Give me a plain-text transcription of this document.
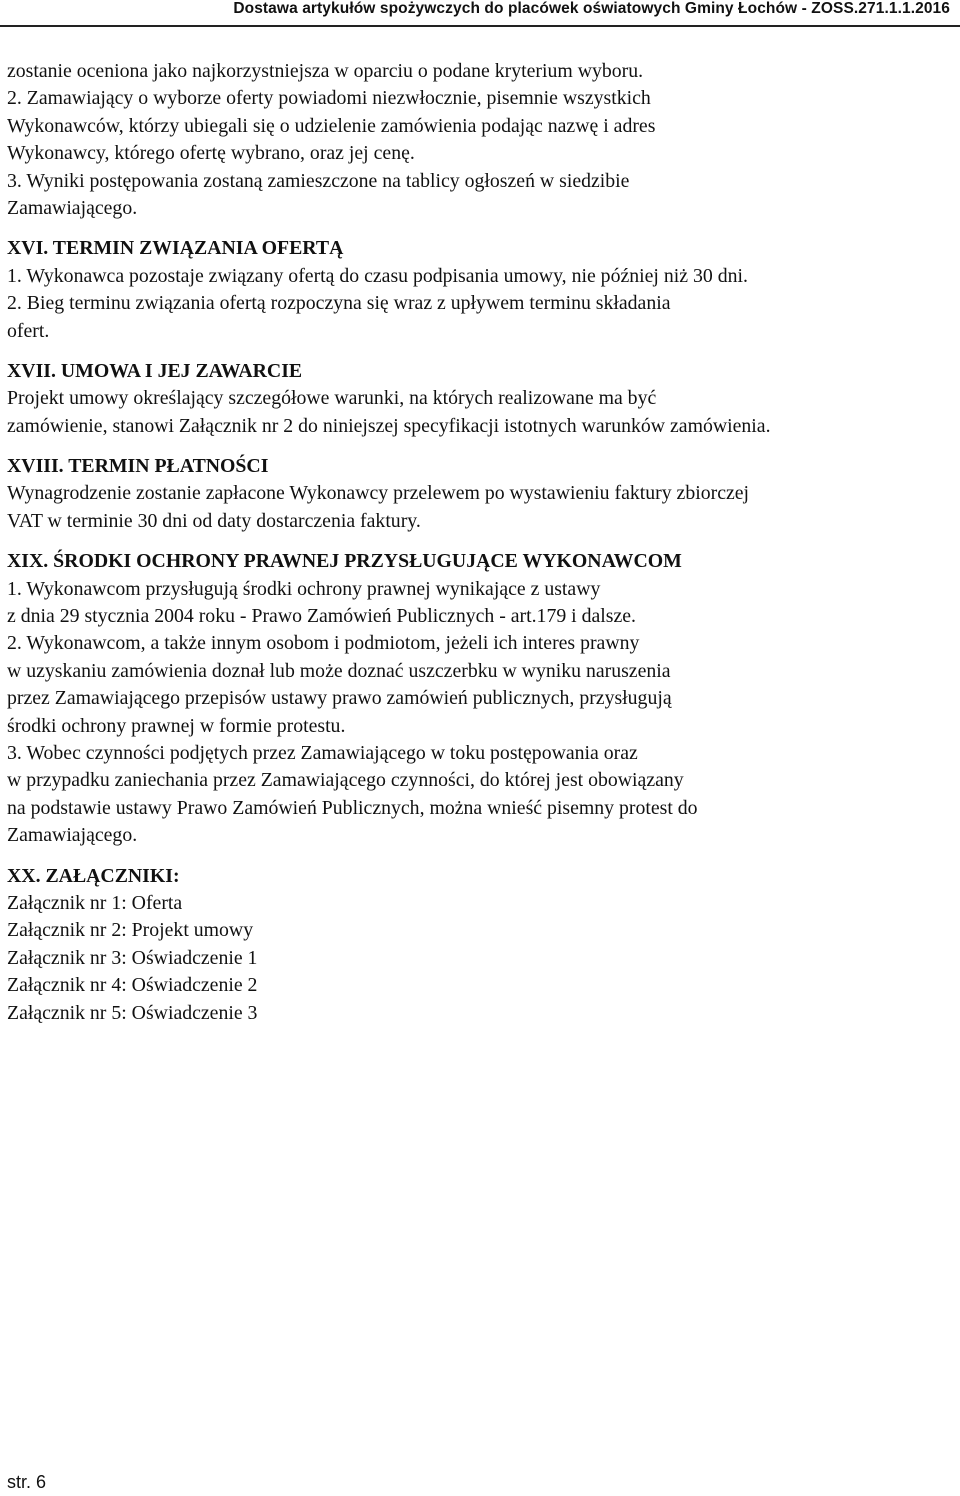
Dostawa artykułów spożywczych do placówek oświatowych Gminy Łochów - ZOSS.271.1.1.2016
zostanie oceniona jako najkorzystniejsza w oparciu o podane kryterium wyboru.
2. Zamawiający o wyborze oferty powiadomi niezwłocznie, pisemnie wszystkich
Wykonawców, którzy ubiegali się o udzielenie zamówienia podając nazwę i adres
Wykonawcy, którego ofertę wybrano, oraz jej cenę.
3. Wyniki postępowania zostaną zamieszczone na tablicy ogłoszeń w siedzibie
Zamawiającego.
XVI. TERMIN ZWIĄZANIA OFERTĄ
1. Wykonawca pozostaje związany ofertą do czasu podpisania umowy, nie później niż 30 dni.
2. Bieg terminu związania ofertą rozpoczyna się wraz z upływem terminu składania
ofert.
XVII. UMOWA I JEJ ZAWARCIE
Projekt umowy określający szczegółowe warunki, na których realizowane ma być
zamówienie, stanowi Załącznik nr 2 do niniejszej specyfikacji istotnych warunków zamówienia.
XVIII. TERMIN PŁATNOŚCI
Wynagrodzenie zostanie zapłacone Wykonawcy przelewem po wystawieniu faktury zbiorczej
VAT w terminie 30 dni od daty dostarczenia faktury.
XIX. ŚRODKI OCHRONY PRAWNEJ PRZYSŁUGUJĄCE WYKONAWCOM
1. Wykonawcom przysługują środki ochrony prawnej wynikające z ustawy
z dnia 29 stycznia 2004 roku - Prawo Zamówień Publicznych - art.179 i dalsze.
2. Wykonawcom, a także innym osobom i podmiotom, jeżeli ich interes prawny
w uzyskaniu zamówienia doznał lub może doznać uszczerbku w wyniku naruszenia
przez Zamawiającego przepisów ustawy prawo zamówień publicznych, przysługują
środki ochrony prawnej w formie protestu.
3. Wobec czynności podjętych przez Zamawiającego w toku postępowania oraz
w przypadku zaniechania przez Zamawiającego czynności, do której jest obowiązany
na podstawie ustawy Prawo Zamówień Publicznych, można wnieść pisemny protest do
Zamawiającego.
XX. ZAŁĄCZNIKI:
Załącznik nr 1: Oferta
Załącznik nr 2: Projekt umowy
Załącznik nr 3: Oświadczenie 1
Załącznik nr 4: Oświadczenie 2
Załącznik nr 5: Oświadczenie 3
str. 6
